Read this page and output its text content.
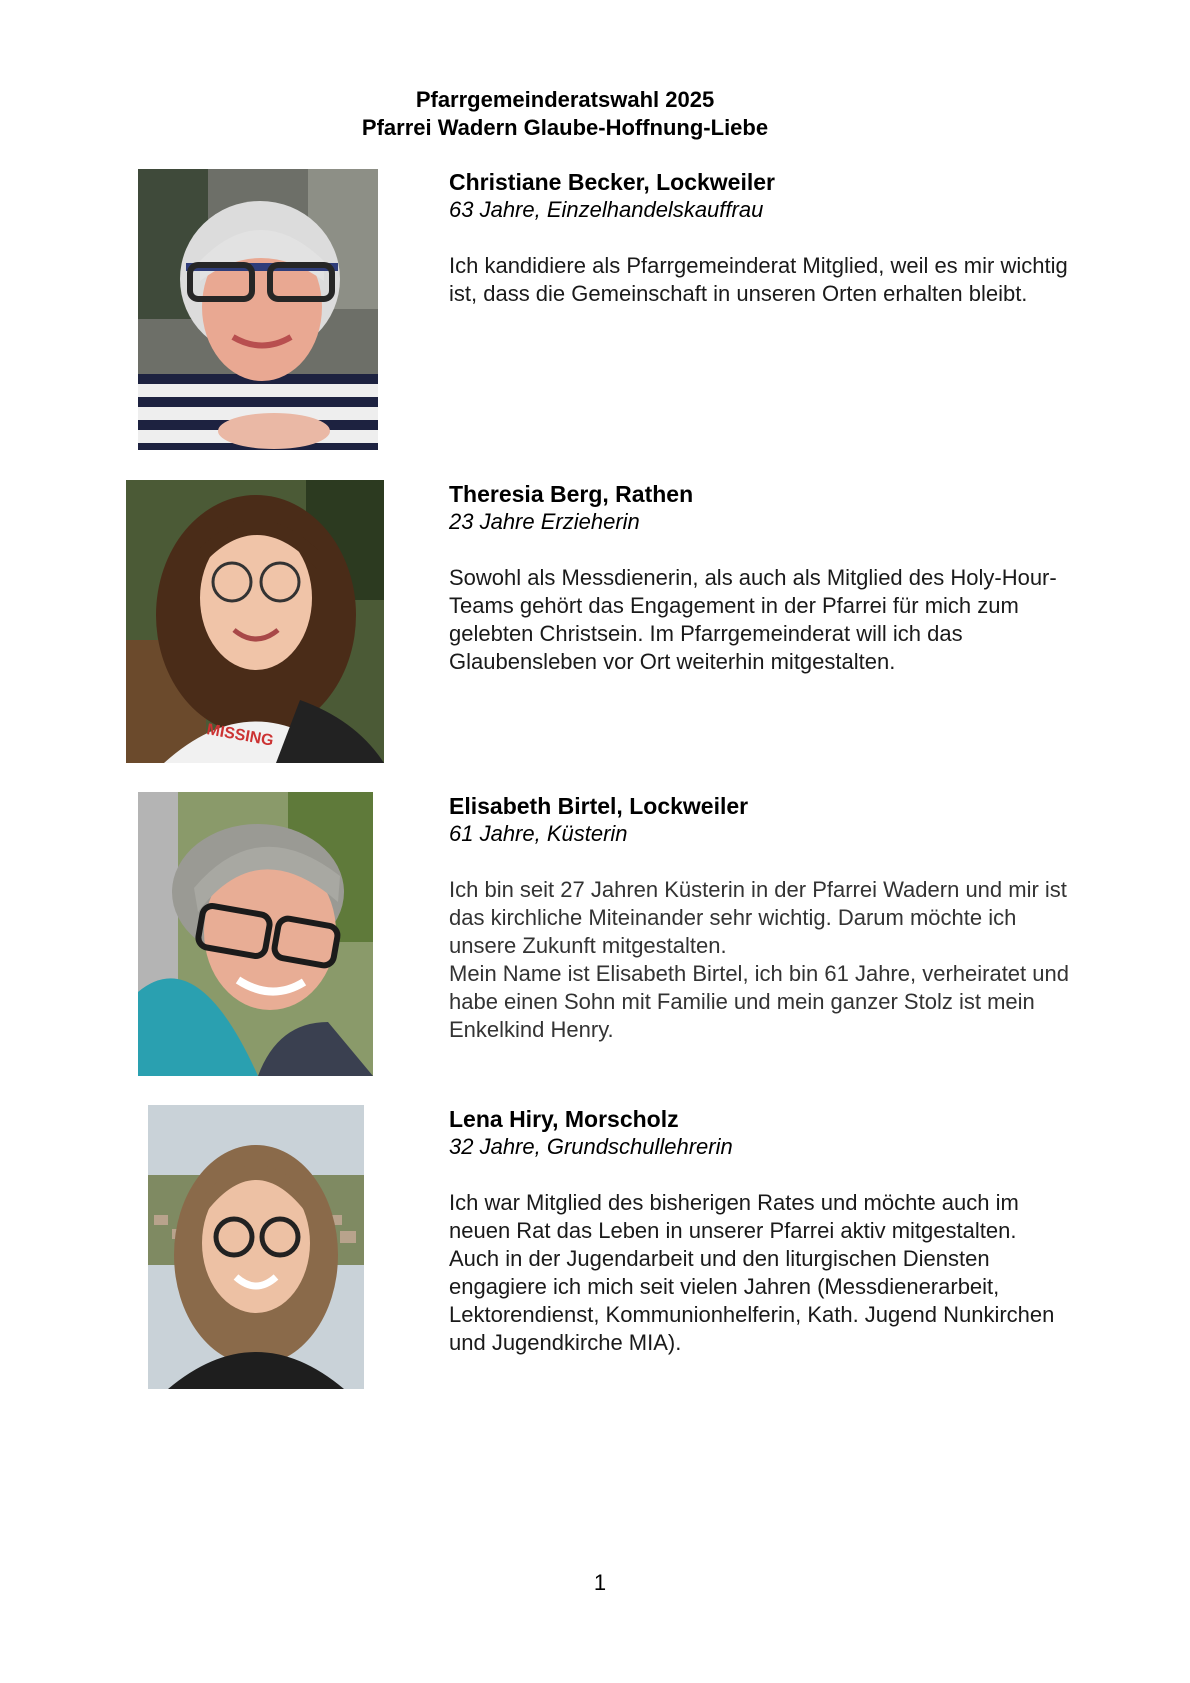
Pfarrgemeinderatswahl 2025
Pfarrei Wadern Glaube-Hoffnung-Liebe
Christiane Becker, Lockweiler
63 Jahre, Einzelhandelskauffrau

Ich kandidiere als Pfarrgemeinderat Mitglied, weil es mir wichtig ist, dass die Gemeinschaft in unseren Orten erhalten bleibt.

MISSING
Theresia Berg, Rathen
23 Jahre Erzieherin

Sowohl als Messdienerin, als auch als Mitglied des Holy-Hour-Teams gehört das Engagement in der Pfarrei für mich zum gelebten Christsein. Im Pfarrgemeinderat will ich das Glaubensleben vor Ort weiterhin mitgestalten.

Elisabeth Birtel, Lockweiler
61 Jahre, Küsterin

Ich bin seit 27 Jahren Küsterin in der Pfarrei Wadern und mir ist das kirchliche Miteinander sehr wichtig. Darum möchte ich unsere Zukunft mitgestalten.

Mein Name ist Elisabeth Birtel, ich bin 61 Jahre, verheiratet und habe einen Sohn mit Familie und mein ganzer Stolz ist mein Enkelkind Henry.

Lena Hiry, Morscholz
32 Jahre, Grundschullehrerin

Ich war Mitglied des bisherigen Rates und möchte auch im neuen Rat das Leben in unserer Pfarrei aktiv mitgestalten.

Auch in der Jugendarbeit und den liturgischen Diensten engagiere ich mich seit vielen Jahren (Messdienerarbeit, Lektorendienst, Kommunionhelferin, Kath. Jugend Nunkirchen und Jugendkirche MIA).

1
